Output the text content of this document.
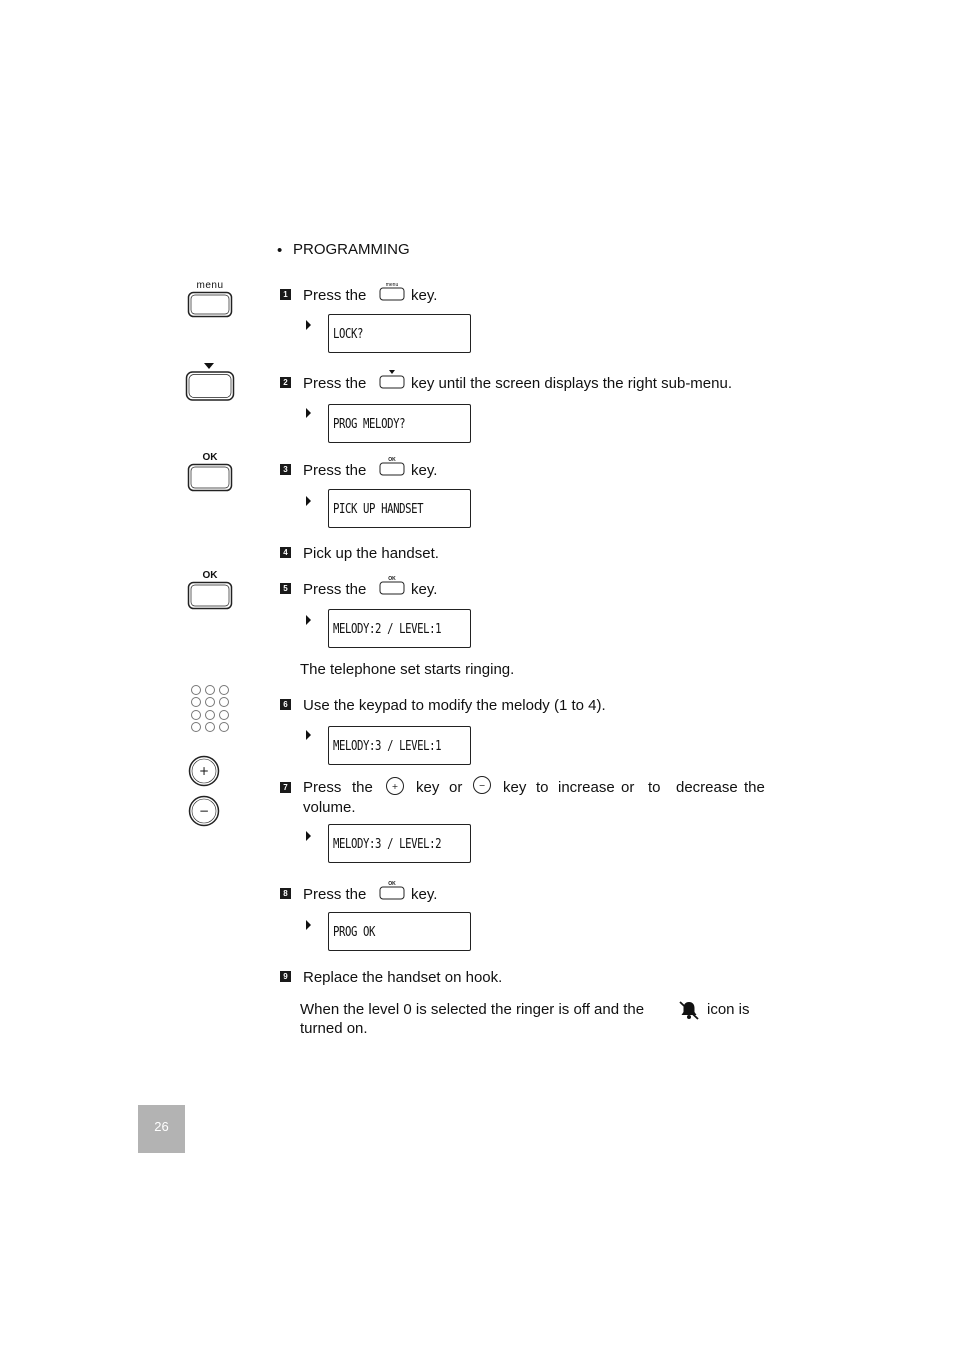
• PROGRAMMING
menu
OK
OK
+
−
1 Press the
menu
key.
LOCK?
2 Press the	key until the screen displays the right sub-menu.
PROG MELODY?
3 Press the
OK
key.
PICK UP HANDSET
4 Pick up the handset.
5 Press the
OK
key.
MELODY:2 / LEVEL:1
The telephone set starts ringing.
6 Use the keypad to modify the melody (1 to 4).
MELODY:3 / LEVEL:1
7 Press the + key or − key to increase or to decrease the
volume.
MELODY:3 / LEVEL:2
8 Press the
OK
key.
PROG OK
9 Replace the handset on hook.
When the level 0 is selected the ringer is off and the	icon is
turned on.
26
